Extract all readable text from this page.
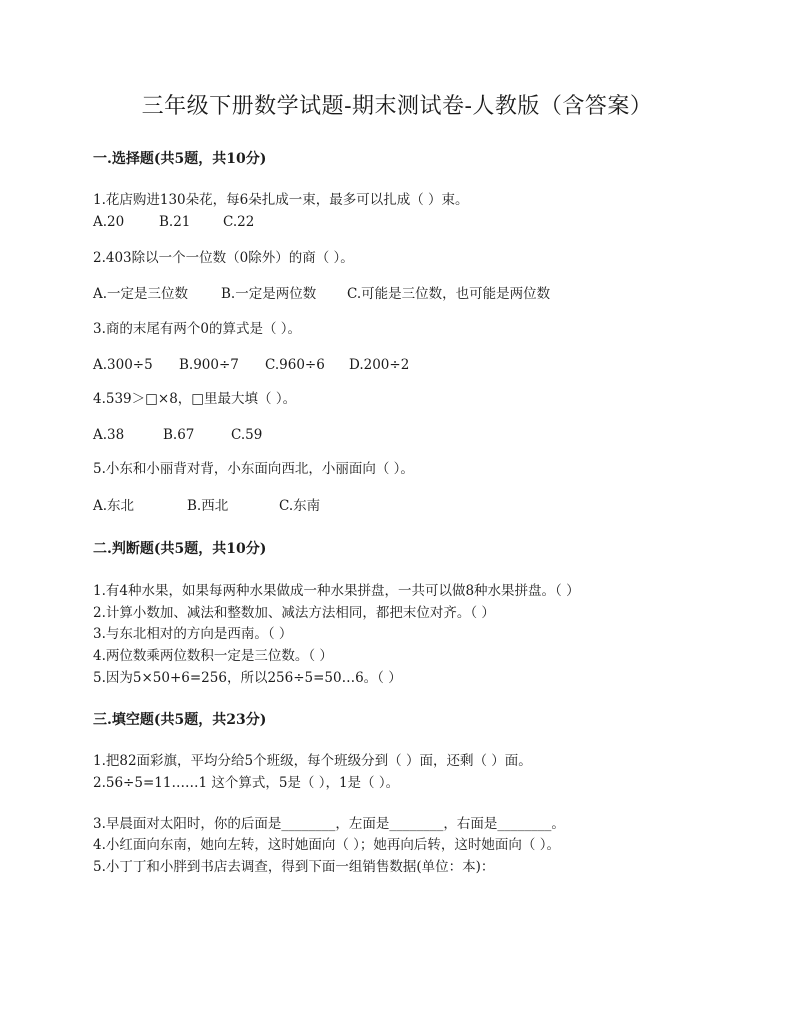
三年级下册数学试题-期末测试卷-人教版（含答案）
一.选择题(共5题，共10分)
1.花店购进130朵花，每6朵扎成一束，最多可以扎成（ ）束。
A.20	B.21 C.22
2.403除以一个一位数（0除外）的商（ ）。
A.一定是三位数 B.一定是两位数 C.可能是三位数，也可能是两位数
3.商的末尾有两个0的算式是（ ）。
A.300÷5 B.900÷7 C.960÷6 D.200÷2
4.539＞□×8，□里最大填（ ）。
A.38	B.67	C.59
5.小东和小丽背对背，小东面向西北，小丽面向（ ）。
A.东北	B.西北	C.东南
二.判断题(共5题，共10分)
1.有4种水果，如果每两种水果做成一种水果拼盘，一共可以做8种水果拼盘。（ ）
2.计算小数加、减法和整数加、减法方法相同，都把末位对齐。（ ）
3.与东北相对的方向是西南。（ ）
4.两位数乘两位数积一定是三位数。（ ）
5.因为5×50+6=256，所以256÷5=50…6。（ ）
三.填空题(共5题，共23分)
1.把82面彩旗，平均分给5个班级，每个班级分到（ ）面，还剩（ ）面。
2.56÷5=11……1 这个算式，5是（ ），1是（ ）。
3.早晨面对太阳时，你的后面是________，左面是________，右面是________。
4.小红面向东南，她向左转，这时她面向（ ）；她再向后转，这时她面向（ ）。
5.小丁丁和小胖到书店去调查，得到下面一组销售数据(单位：本)：
